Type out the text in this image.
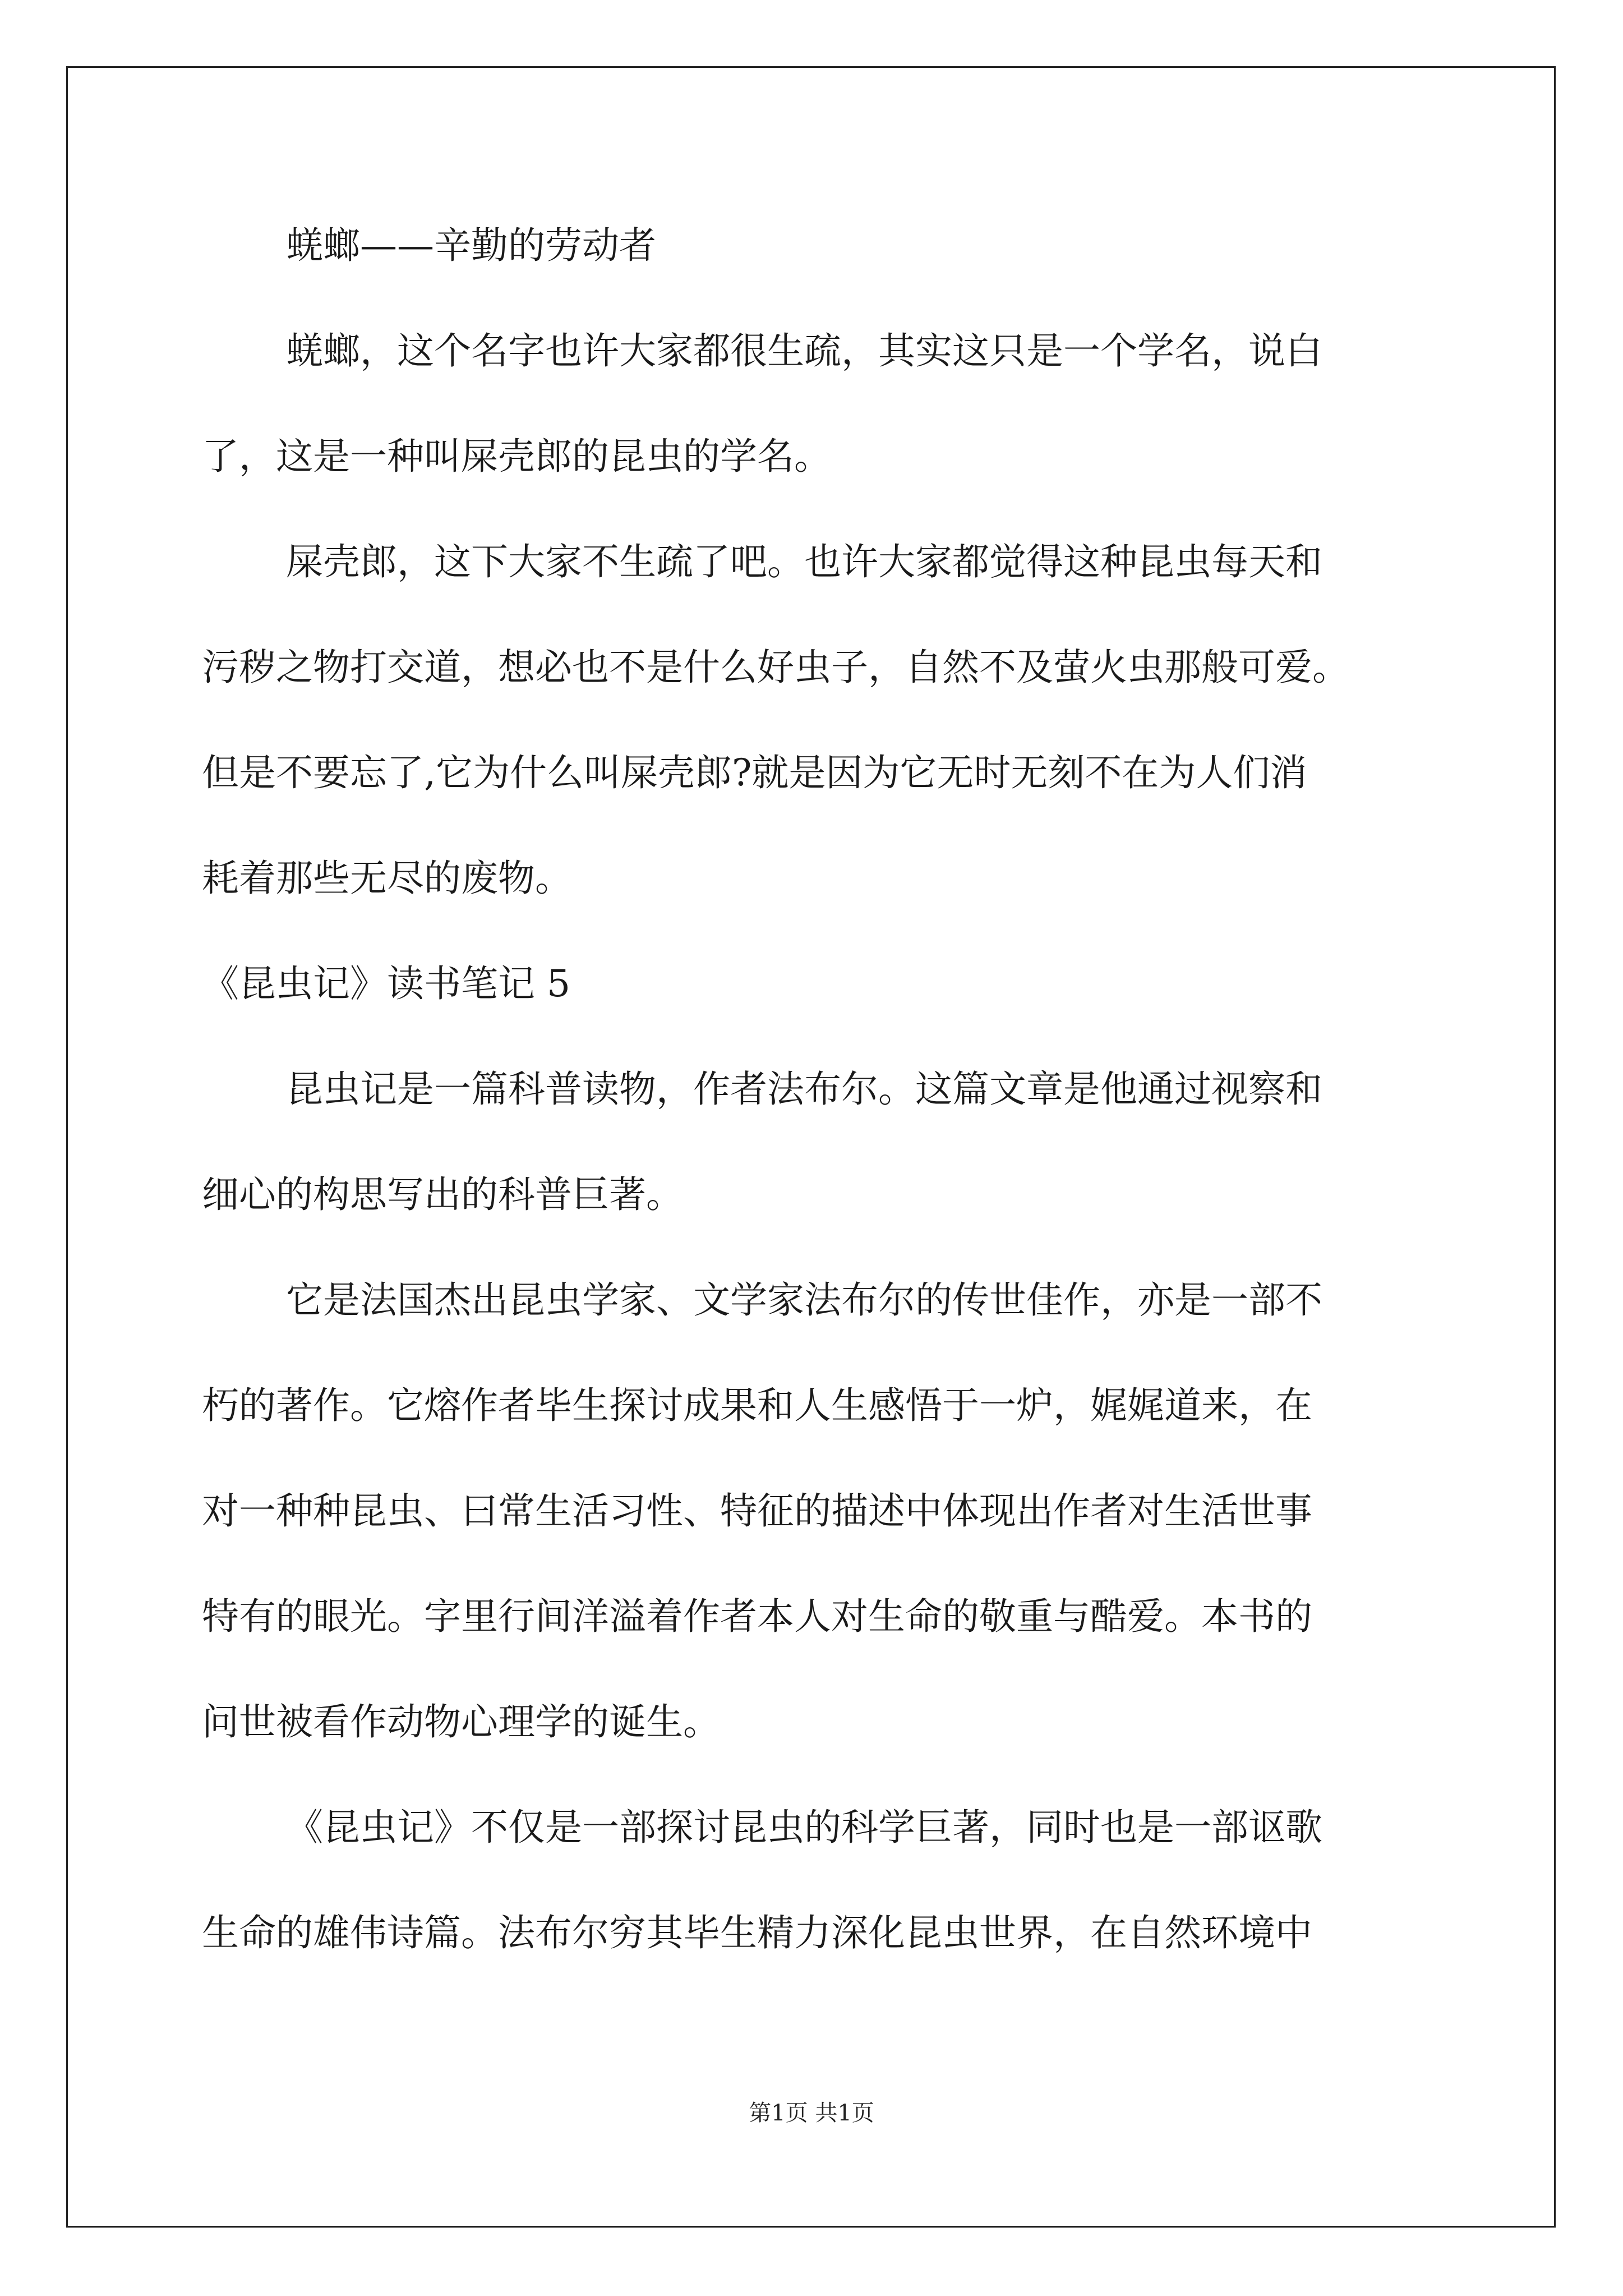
蜣螂——辛勤的劳动者
蜣螂，这个名字也许大家都很生疏，其实这只是一个学名，说白
了，这是一种叫屎壳郎的昆虫的学名。
屎壳郎，这下大家不生疏了吧。也许大家都觉得这种昆虫每天和
污秽之物打交道，想必也不是什么好虫子，自然不及萤火虫那般可爱。
但是不要忘了,它为什么叫屎壳郎?就是因为它无时无刻不在为人们消
耗着那些无尽的废物。
《昆虫记》读书笔记 5
昆虫记是一篇科普读物，作者法布尔。这篇文章是他通过视察和
细心的构思写出的科普巨著。
它是法国杰出昆虫学家、文学家法布尔的传世佳作，亦是一部不
朽的著作。它熔作者毕生探讨成果和人生感悟于一炉，娓娓道来，在
对一种种昆虫、曰常生活习性、特征的描述中体现出作者对生活世事
特有的眼光。字里行间洋溢着作者本人对生命的敬重与酷爱。本书的
问世被看作动物心理学的诞生。
《昆虫记》不仅是一部探讨昆虫的科学巨著，同时也是一部讴歌
生命的雄伟诗篇。法布尔穷其毕生精力深化昆虫世界，在自然环境中
第1页 共1页
